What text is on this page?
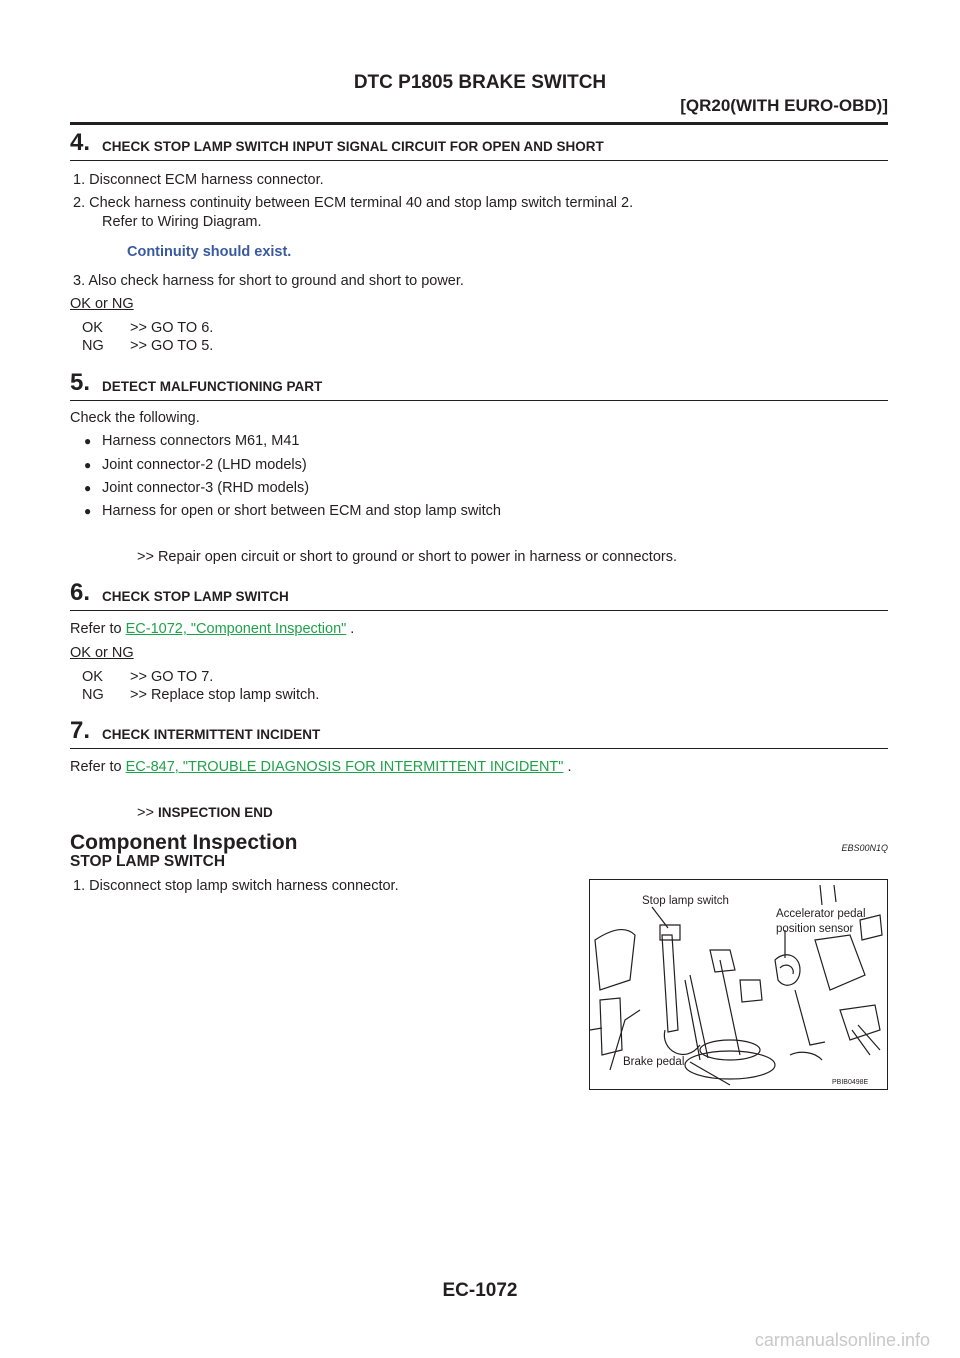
DTC P1805 BRAKE SWITCH
[QR20(WITH EURO-OBD)]
4. CHECK STOP LAMP SWITCH INPUT SIGNAL CIRCUIT FOR OPEN AND SHORT
1. Disconnect ECM harness connector.
2. Check harness continuity between ECM terminal 40 and stop lamp switch terminal 2.
Refer to Wiring Diagram.
Continuity should exist.
3. Also check harness for short to ground and short to power.
OK or NG
OK >> GO TO 6.
NG >> GO TO 5.
5. DETECT MALFUNCTIONING PART
Check the following.
● Harness connectors M61, M41
● Joint connector-2 (LHD models)
● Joint connector-3 (RHD models)
● Harness for open or short between ECM and stop lamp switch
>> Repair open circuit or short to ground or short to power in harness or connectors.
6. CHECK STOP LAMP SWITCH
Refer to EC-1072, "Component Inspection" .
OK or NG
OK >> GO TO 7.
NG >> Replace stop lamp switch.
7. CHECK INTERMITTENT INCIDENT
Refer to EC-847, "TROUBLE DIAGNOSIS FOR INTERMITTENT INCIDENT" .
>> INSPECTION END
Component Inspection	EBS00N1Q
STOP LAMP SWITCH
1. Disconnect stop lamp switch harness connector.
Stop lamp switch
Accelerator pedal
position sensor
Brake pedal
PBIB0498E
EC-1072
carmanualsonline.info
